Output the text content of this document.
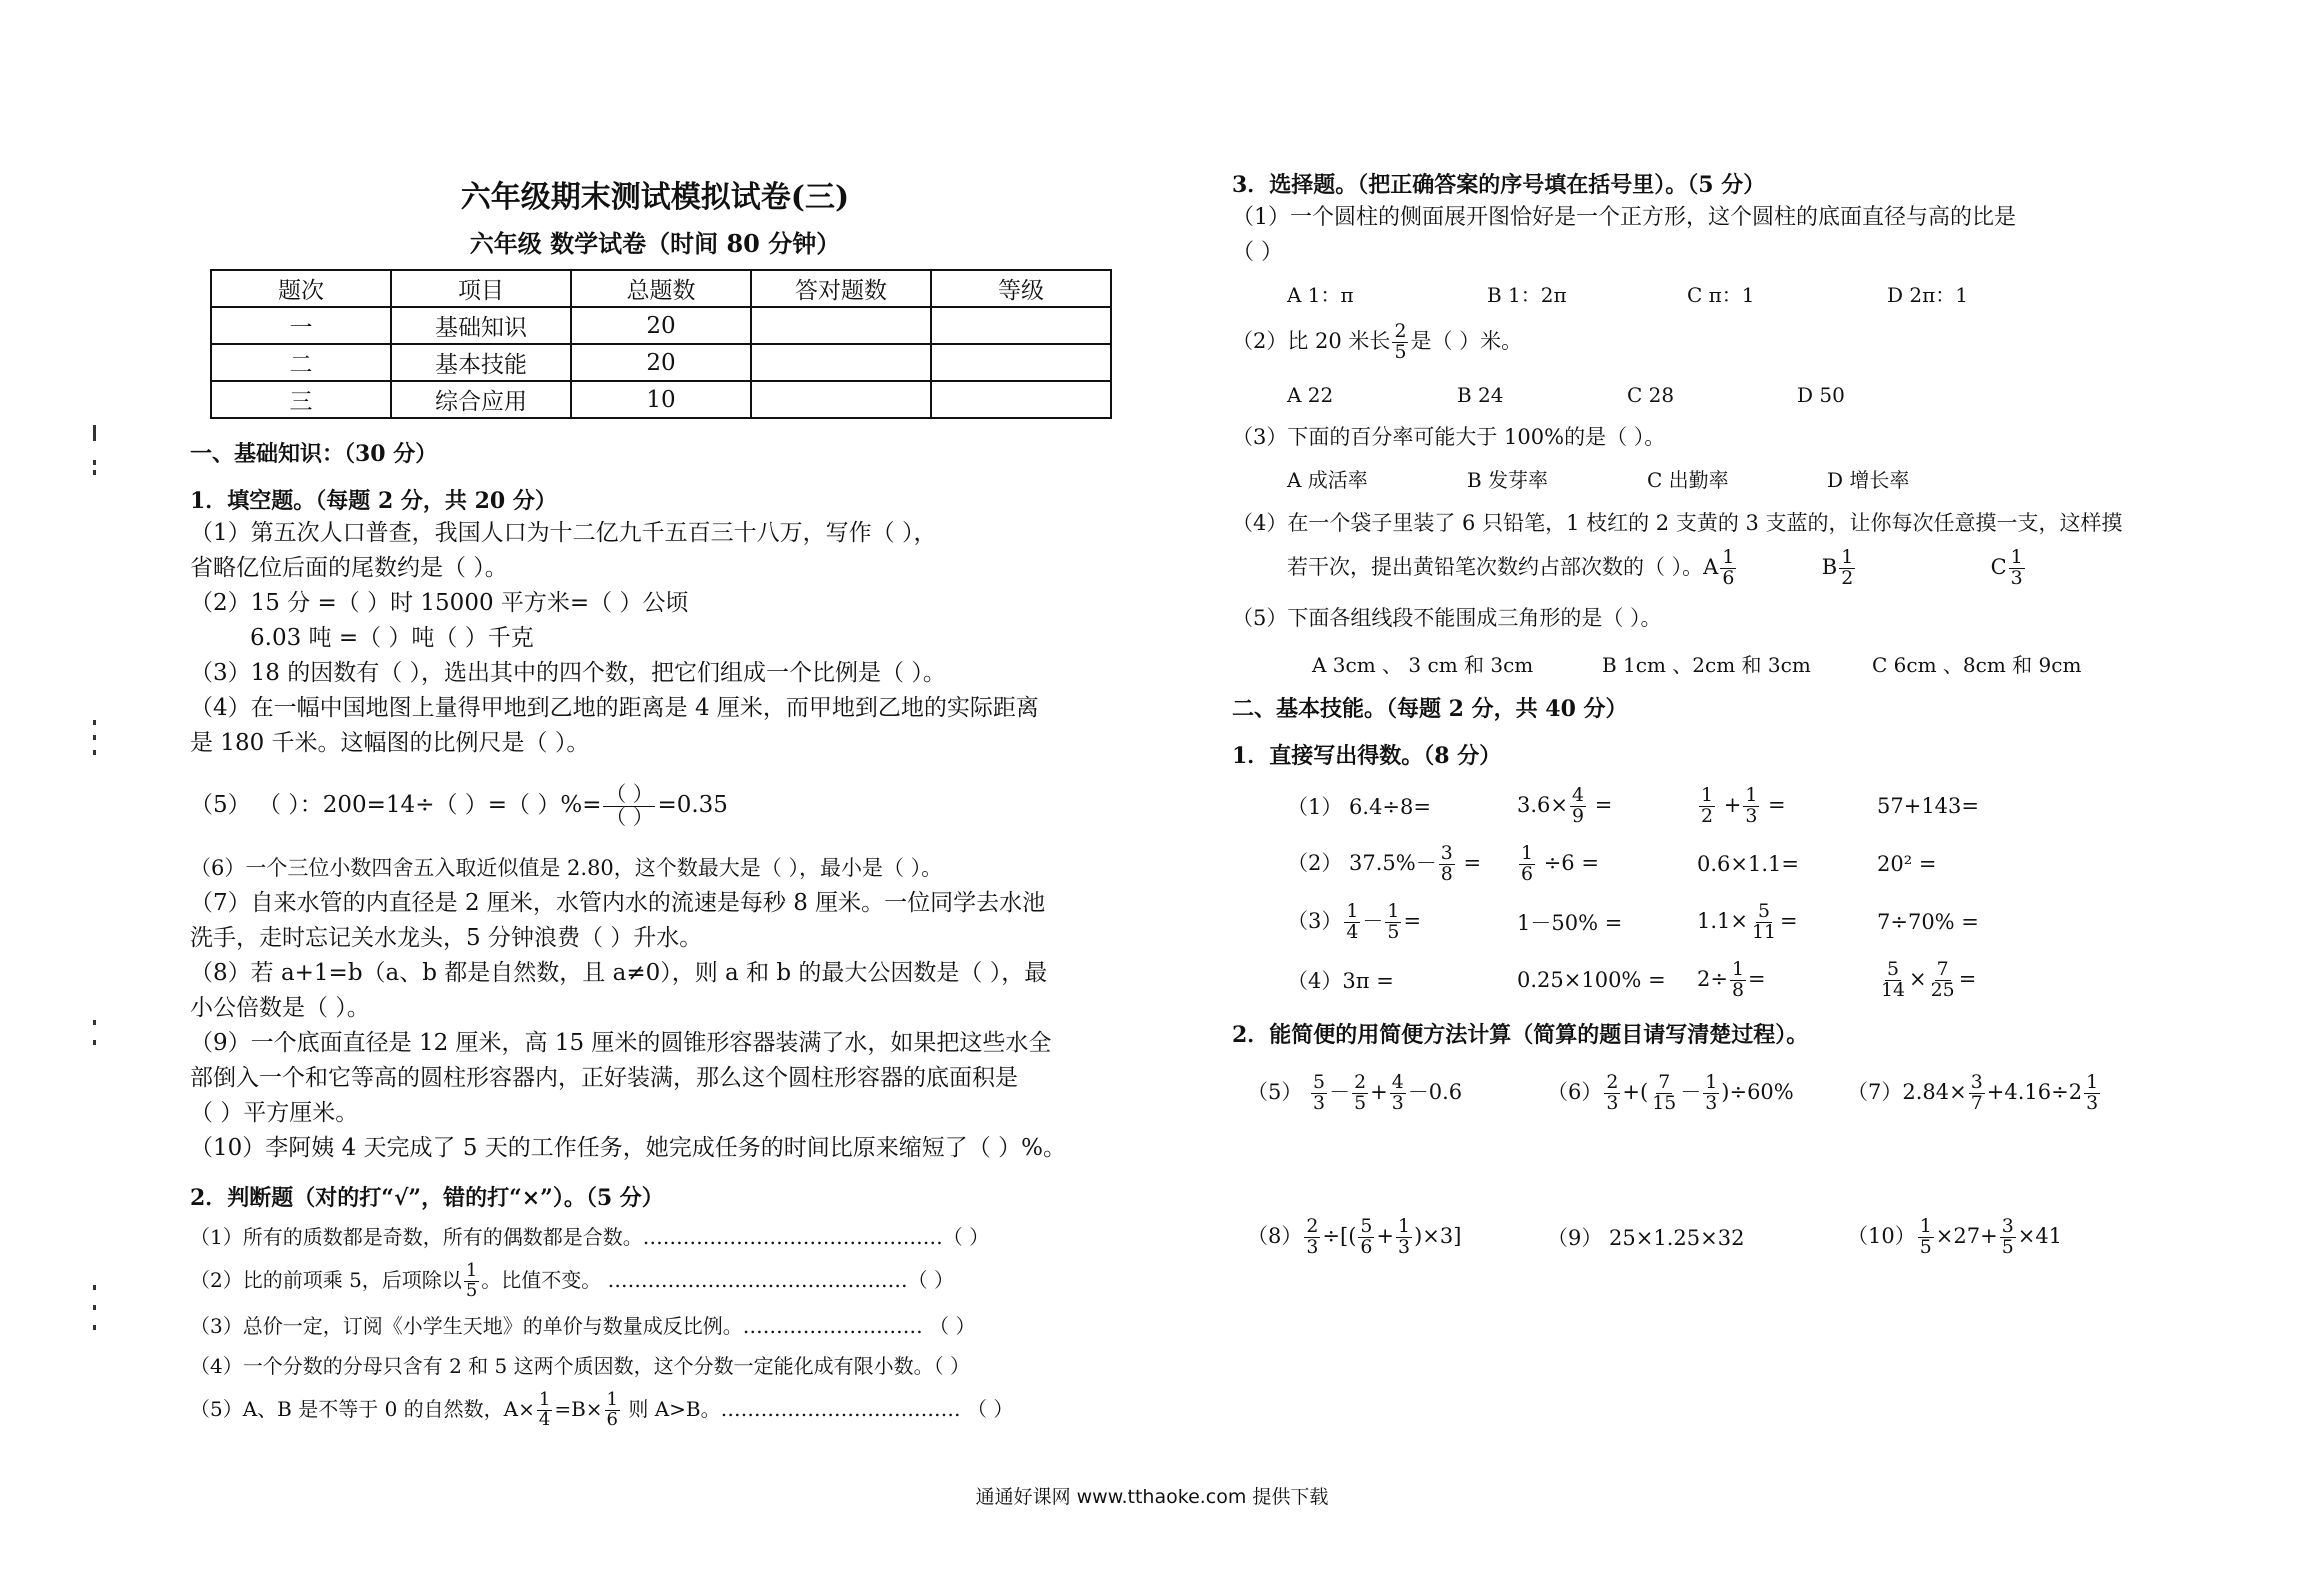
六年级期末测试模拟试卷(三)
六年级 数学试卷（时间 80 分钟）
题次	项目	总题数	答对题数	等级
一	基础知识	20		
二	基本技能	20		
三	综合应用	10		
一、基础知识：（30 分）
1．填空题。（每题 2 分，共 20 分）
（1）第五次人口普查，我国人口为十二亿九千五百三十八万，写作（ ），
省略亿位后面的尾数约是（ ）。
（2）15 分 =（ ）时 15000 平方米=（ ）公顷
6.03 吨 =（ ）吨（ ）千克
（3）18 的因数有（ ），选出其中的四个数，把它们组成一个比例是（ ）。
（4）在一幅中国地图上量得甲地到乙地的距离是 4 厘米，而甲地到乙地的实际距离
是 180 千米。这幅图的比例尺是（ ）。
（5） （ ）：200=14÷（ ）=（ ）%= $\frac{( )}{( )} =0.35$
（6）一个三位小数四舍五入取近似值是 2.80，这个数最大是（ ），最小是（ ）。
（7）自来水管的内直径是 2 厘米，水管内水的流速是每秒 8 厘米。一位同学去水池
洗手，走时忘记关水龙头，5 分钟浪费（ ）升水。
（8）若 a+1=b（a、b 都是自然数，且 a≠0），则 a 和 b 的最大公因数是（ ），最
小公倍数是（ ）。
（9）一个底面直径是 12 厘米，高 15 厘米的圆锥形容器装满了水，如果把这些水全
部倒入一个和它等高的圆柱形容器内，正好装满，那么这个圆柱形容器的底面积是
（ ）平方厘米。
（10）李阿姨 4 天完成了 5 天的工作任务，她完成任务的时间比原来缩短了（ ）%。
2．判断题（对的打“√”，错的打“×”）。（5 分）
（1）所有的质数都是奇数，所有的偶数都是合数。………………………………………（ ）
（2）比的前项乘 5，后项除以 $\frac{1}{5}$ 。比值不变。 ………………………………………（ ）
（3）总价一定，订阅《小学生天地》的单价与数量成反比例。……………………… （ ）
（4）一个分数的分母只含有 2 和 5 这两个质因数，这个分数一定能化成有限小数。（ ）
（5）A、B 是不等于 0 的自然数，$A\times \frac{1}{4} =B\times \frac{1}{6}$ 则 A>B。……………………………… （ ）
3．选择题。（把正确答案的序号填在括号里）。（5 分）
（1）一个圆柱的侧面展开图恰好是一个正方形，这个圆柱的底面直径与高的比是
（ ）
A 1：π	B 1：2π	C π：1	D 2π：1
（2）比 20 米长 $\frac{2}{5}$ 是（ ）米。
A 22	B 24	C 28	D 50
（3）下面的百分率可能大于 100%的是（ ）。
A 成活率	B 发芽率	C 出勤率	D 增长率
（4）在一个袋子里装了 6 只铅笔，1 枝红的 2 支黄的 3 支蓝的，让你每次任意摸一支，这样摸
若干次，提出黄铅笔次数约占部次数的（ ）。A $\frac{1}{6}$	B $\frac{1}{2}$	C $\frac{1}{3}$
（5）下面各组线段不能围成三角形的是（ ）。
A 3cm 、 3 cm 和 3cm	B 1cm 、2cm 和 3cm	C 6cm 、8cm 和 9cm
二、基本技能。（每题 2 分，共 40 分）
1．直接写出得数。（8 分）
（1） 6.4÷8=	$3.6\times \frac{4}{9}$ =	$\frac{1}{2} + \frac{1}{3}$ =	57+143=
（2） $37.5\%- \frac{3}{8}$ =	$\frac{1}{6} \div 6$ =	0.6×1.1=	20² =
$(3) \frac{1}{4} - \frac{1}{5}$ =	1－50% =	$1.1\times \frac{5}{11}$ =	7÷70% =
（4）3π =	0.25×100% =	$2\div \frac{1}{8}$ =	$\frac{5}{14} \times \frac{7}{25}$ =
2．能简便的用简便方法计算（简算的题目请写清楚过程）。
$(5) \frac{5}{3} - \frac{2}{5} + \frac{4}{3} -0.6$	$(6) \frac{2}{3}$ +( $\frac{7}{15} - \frac{1}{3} )\div 60\%$	$(7)2.84\times \frac{3}{7} +4.16\div 2 \frac{1}{3}$
$(8) \frac{2}{3}$ ÷[( $\frac{5}{6} + \frac{1}{3} )\times 3$]	（9） 25×1.25×32	$(10) \frac{1}{5} \times 27+ \frac{3}{5} \times 41$
通通好课网 www.tthaoke.com 提供下载
